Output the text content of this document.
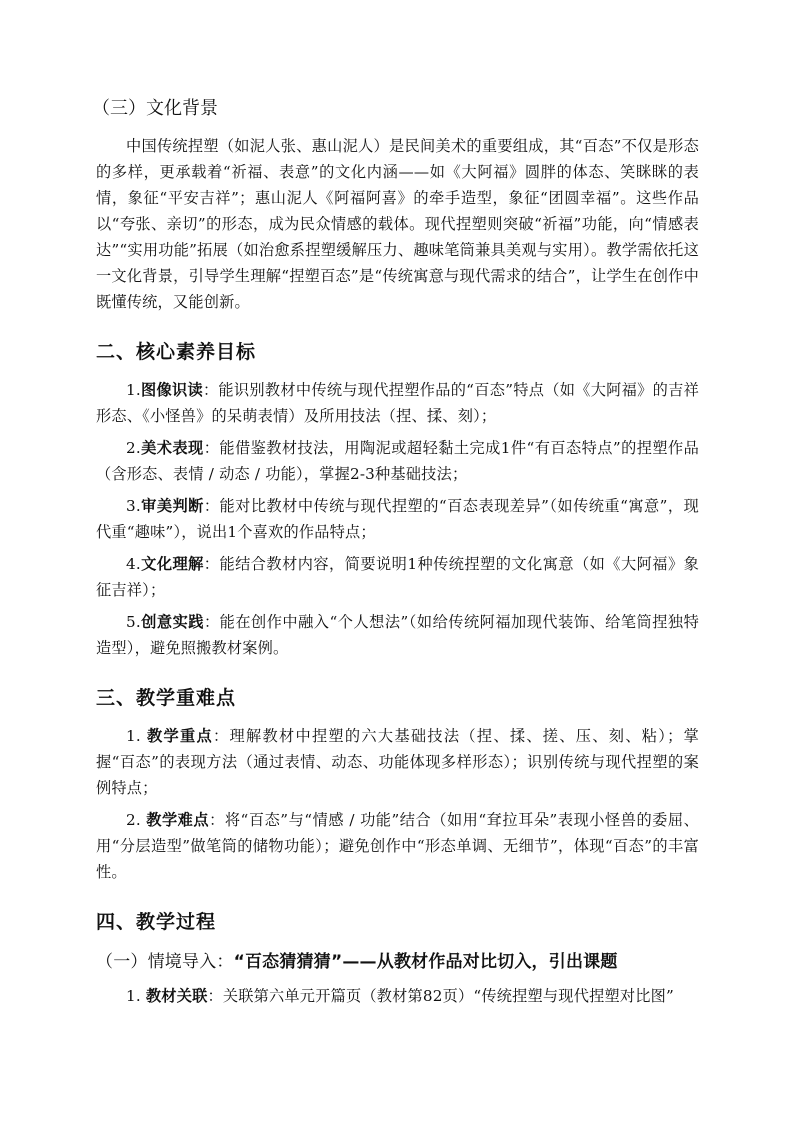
（三）文化背景

中国传统捏塑（如泥人张、惠山泥人）是民间美术的重要组成，其“百态”不仅是形态的多样，更承载着“祈福、表意”的文化内涵——如《大阿福》圆胖的体态、笑眯眯的表情，象征“平安吉祥”；惠山泥人《阿福阿喜》的牵手造型，象征“团圆幸福”。这些作品以“夸张、亲切”的形态，成为民众情感的载体。现代捏塑则突破“祈福”功能，向“情感表达”“实用功能”拓展（如治愈系捏塑缓解压力、趣味笔筒兼具美观与实用）。教学需依托这一文化背景，引导学生理解“捏塑百态”是“传统寓意与现代需求的结合”，让学生在创作中既懂传统，又能创新。

二、核心素养目标

1.图像识读：能识别教材中传统与现代捏塑作品的“百态”特点（如《大阿福》的吉祥形态、《小怪兽》的呆萌表情）及所用技法（捏、揉、刻）；

2.美术表现：能借鉴教材技法，用陶泥或超轻黏土完成1件“有百态特点”的捏塑作品（含形态、表情 / 动态 / 功能），掌握2-3种基础技法；

3.审美判断：能对比教材中传统与现代捏塑的“百态表现差异”（如传统重“寓意”，现代重“趣味”），说出1个喜欢的作品特点；

4.文化理解：能结合教材内容，简要说明1种传统捏塑的文化寓意（如《大阿福》象征吉祥）；

5.创意实践：能在创作中融入“个人想法”（如给传统阿福加现代装饰、给笔筒捏独特造型），避免照搬教材案例。

三、教学重难点

1. 教学重点：理解教材中捏塑的六大基础技法（捏、揉、搓、压、刻、粘）；掌握“百态”的表现方法（通过表情、动态、功能体现多样形态）；识别传统与现代捏塑的案例特点；

2. 教学难点：将“百态”与“情感 / 功能”结合（如用“耷拉耳朵”表现小怪兽的委屈、用“分层造型”做笔筒的储物功能）；避免创作中“形态单调、无细节”，体现“百态”的丰富性。

四、教学过程
（一）情境导入：“百态猜猜猜”——从教材作品对比切入，引出课题

1. 教材关联：关联第六单元开篇页（教材第82页）“传统捏塑与现代捏塑对比图”
